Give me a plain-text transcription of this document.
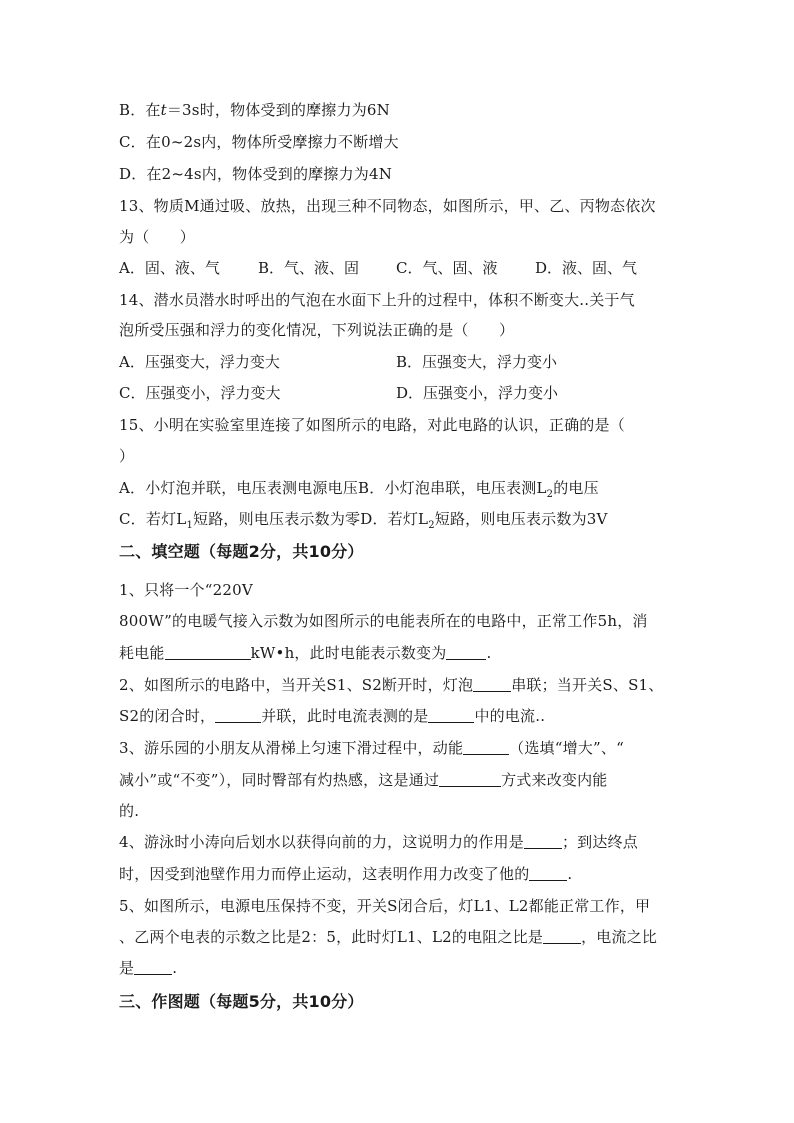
B．在t＝3s时，物体受到的摩擦力为6N
C．在0~2s内，物体所受摩擦力不断增大
D．在2~4s内，物体受到的摩擦力为4N
13、物质M通过吸、放热，出现三种不同物态，如图所示，甲、乙、丙物态依次
为（　　）
A．固、液、气	B．气、液、固 C．气、固、液	D．液、固、气
14、潜水员潜水时呼出的气泡在水面下上升的过程中，体积不断变大..关于气
泡所受压强和浮力的变化情况，下列说法正确的是（　　）
A．压强变大，浮力变大	B．压强变大，浮力变小
C．压强变小，浮力变大	D．压强变小，浮力变小
15、小明在实验室里连接了如图所示的电路，对此电路的认识，正确的是（
）
A．小灯泡并联，电压表测电源电压B．小灯泡串联，电压表测$L_2$的电压
C．若灯$L_1$短路，则电压表示数为零D．若灯$L_2$短路，则电压表示数为3V
二、填空题（每题2分，共10分）
1、只将一个“220V
800W”的电暖气接入示数为如图所示的电能表所在的电路中，正常工作5h，消
耗电能	kW•h，此时电能表示数变为	.
2、如图所示的电路中，当开关S1、S2断开时，灯泡	串联；当开关S、S1、
S2的闭合时，	并联，此时电流表测的是	中的电流..
3、游乐园的小朋友从滑梯上匀速下滑过程中，动能	（选填“增大”、“
减小”或“不变”），同时臀部有灼热感，这是通过	方式来改变内能
的.
4、游泳时小涛向后划水以获得向前的力，这说明力的作用是	；到达终点
时，因受到池壁作用力而停止运动，这表明作用力改变了他的	.
5、如图所示，电源电压保持不变，开关S闭合后，灯L1、L2都能正常工作，甲
、乙两个电表的示数之比是2：5，此时灯L1、L2的电阻之比是	，电流之比
是	.
三、作图题（每题5分，共10分）
